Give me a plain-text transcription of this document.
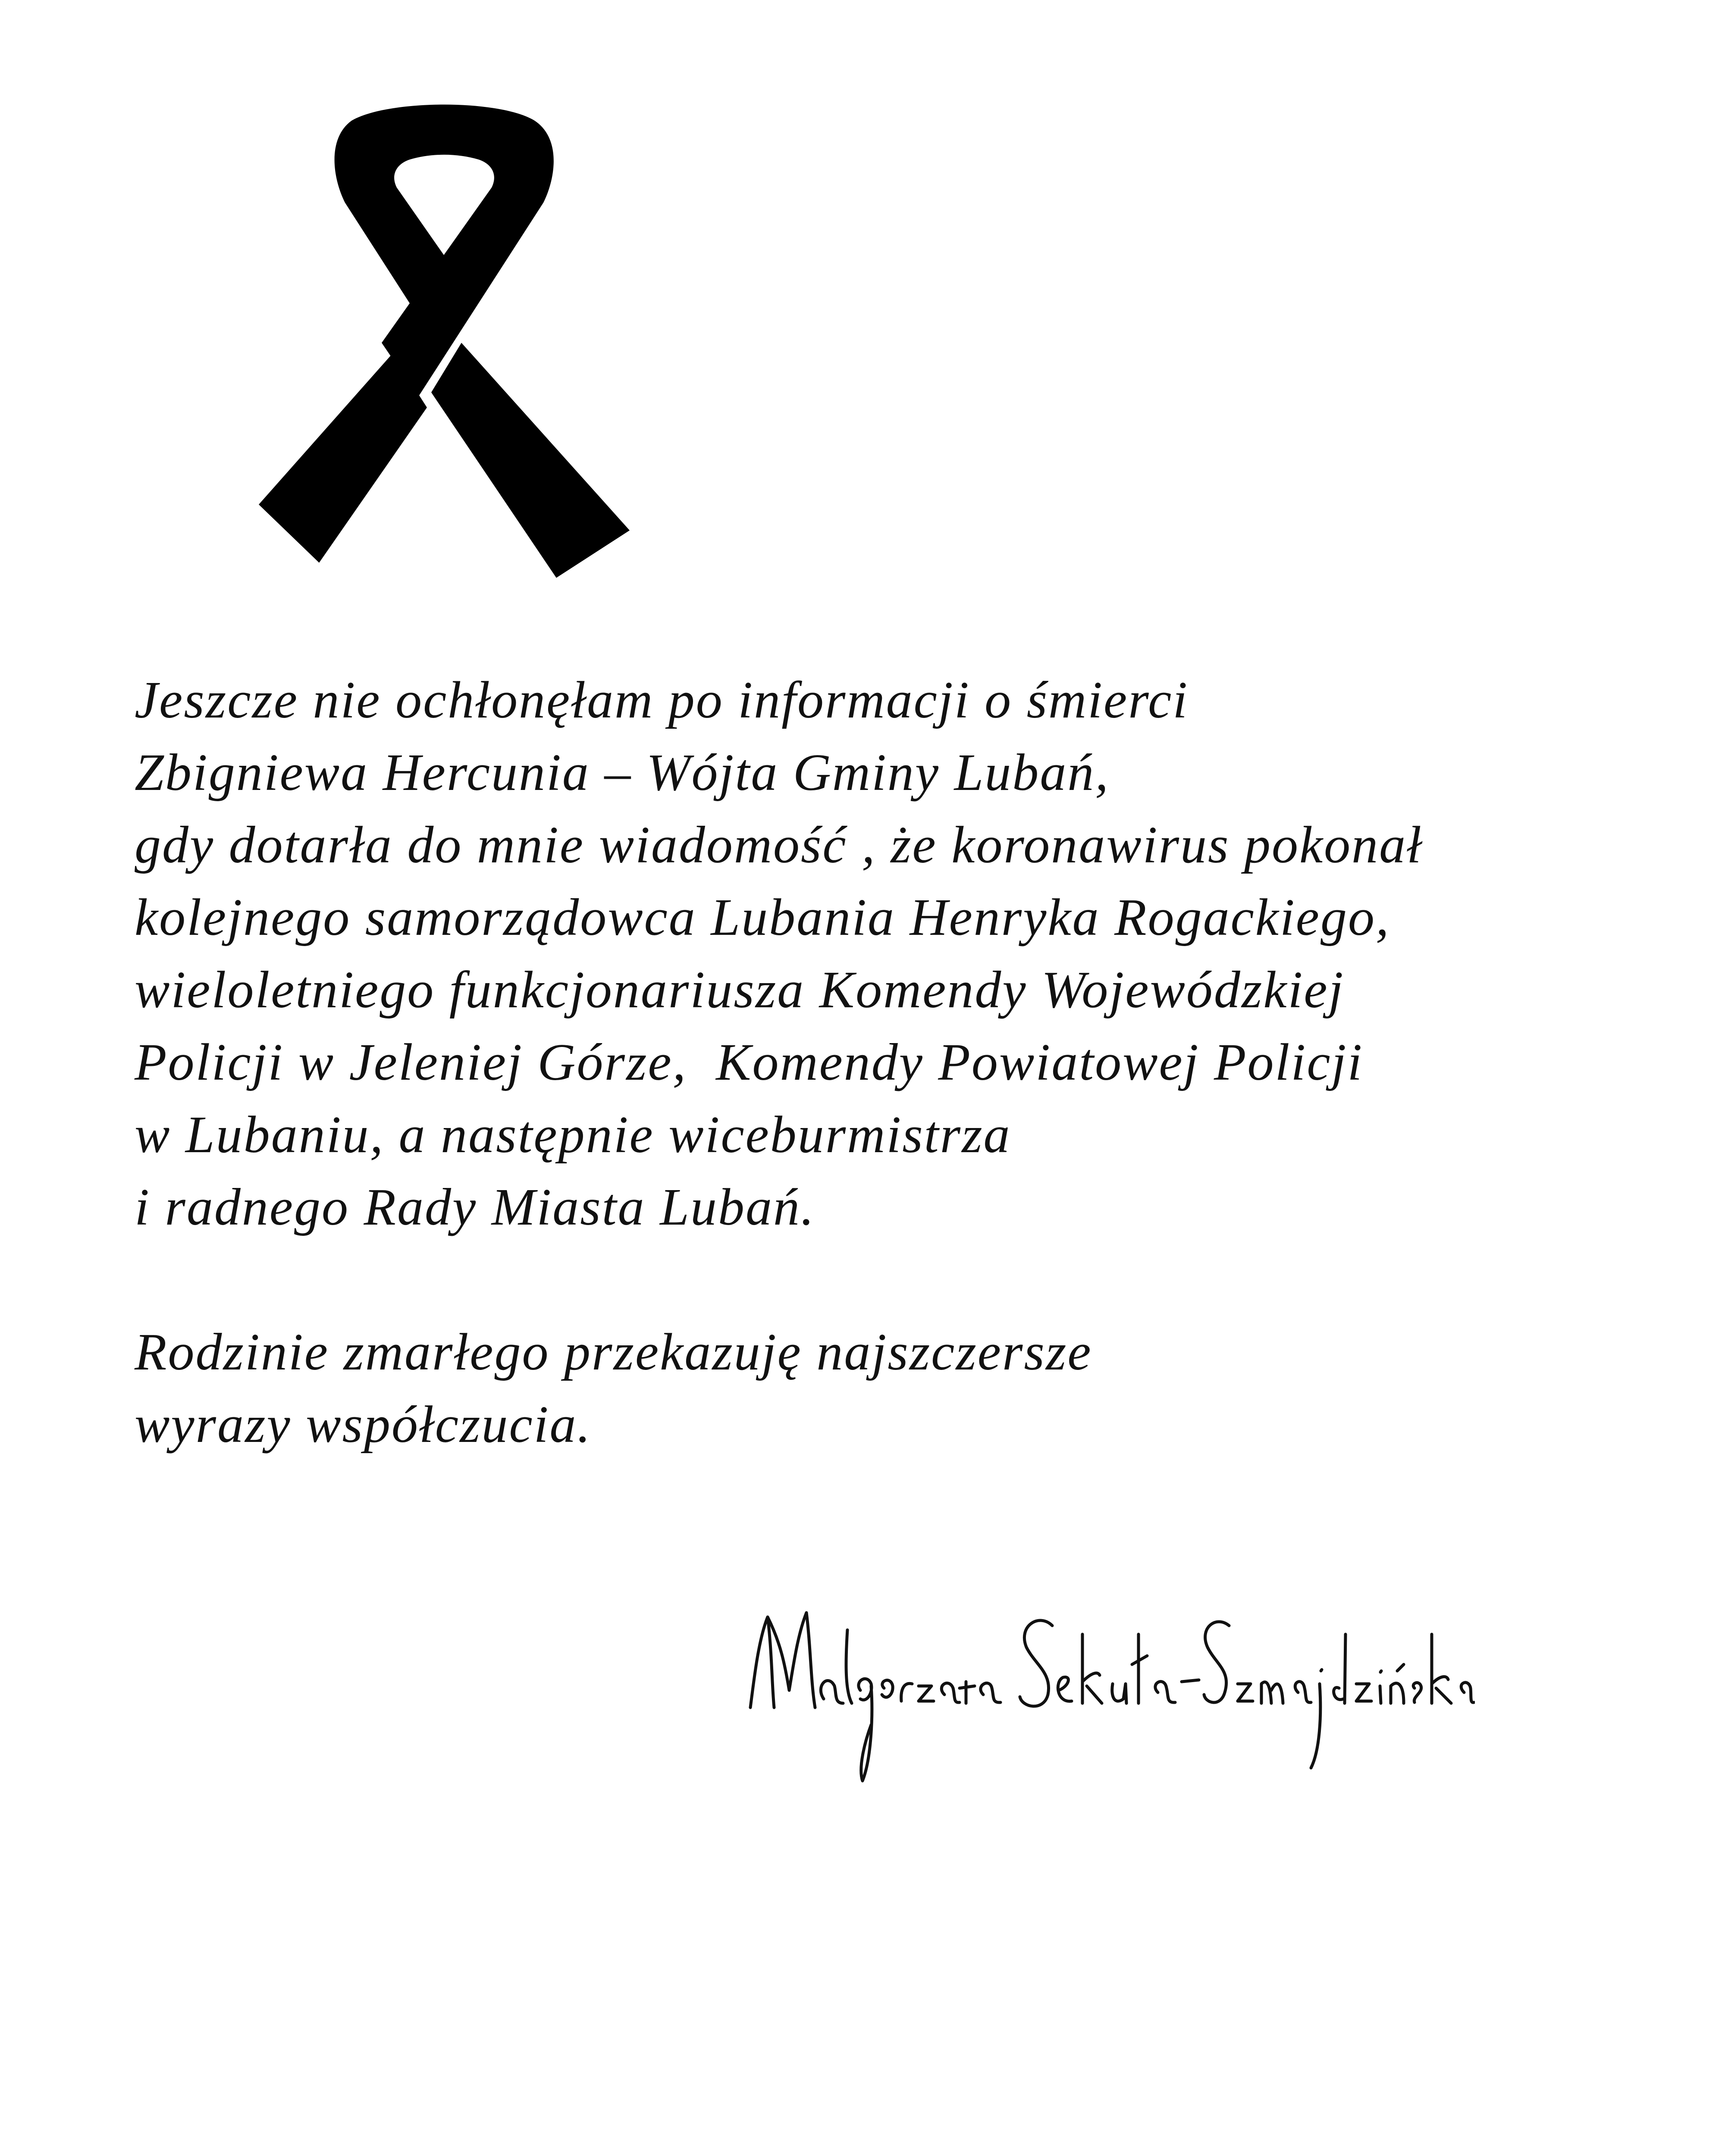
Jeszcze nie ochłonęłam po informacji o śmierci
Zbigniewa Hercunia – Wójta Gminy Lubań,
gdy dotarła do mnie wiadomość , że koronawirus pokonał
kolejnego samorządowca Lubania Henryka Rogackiego,
wieloletniego funkcjonariusza Komendy Wojewódzkiej
Policji w Jeleniej Górze,  Komendy Powiatowej Policji
w Lubaniu, a następnie wiceburmistrza
i radnego Rady Miasta Lubań.
Rodzinie zmarłego przekazuję najszczersze
wyrazy współczucia.
